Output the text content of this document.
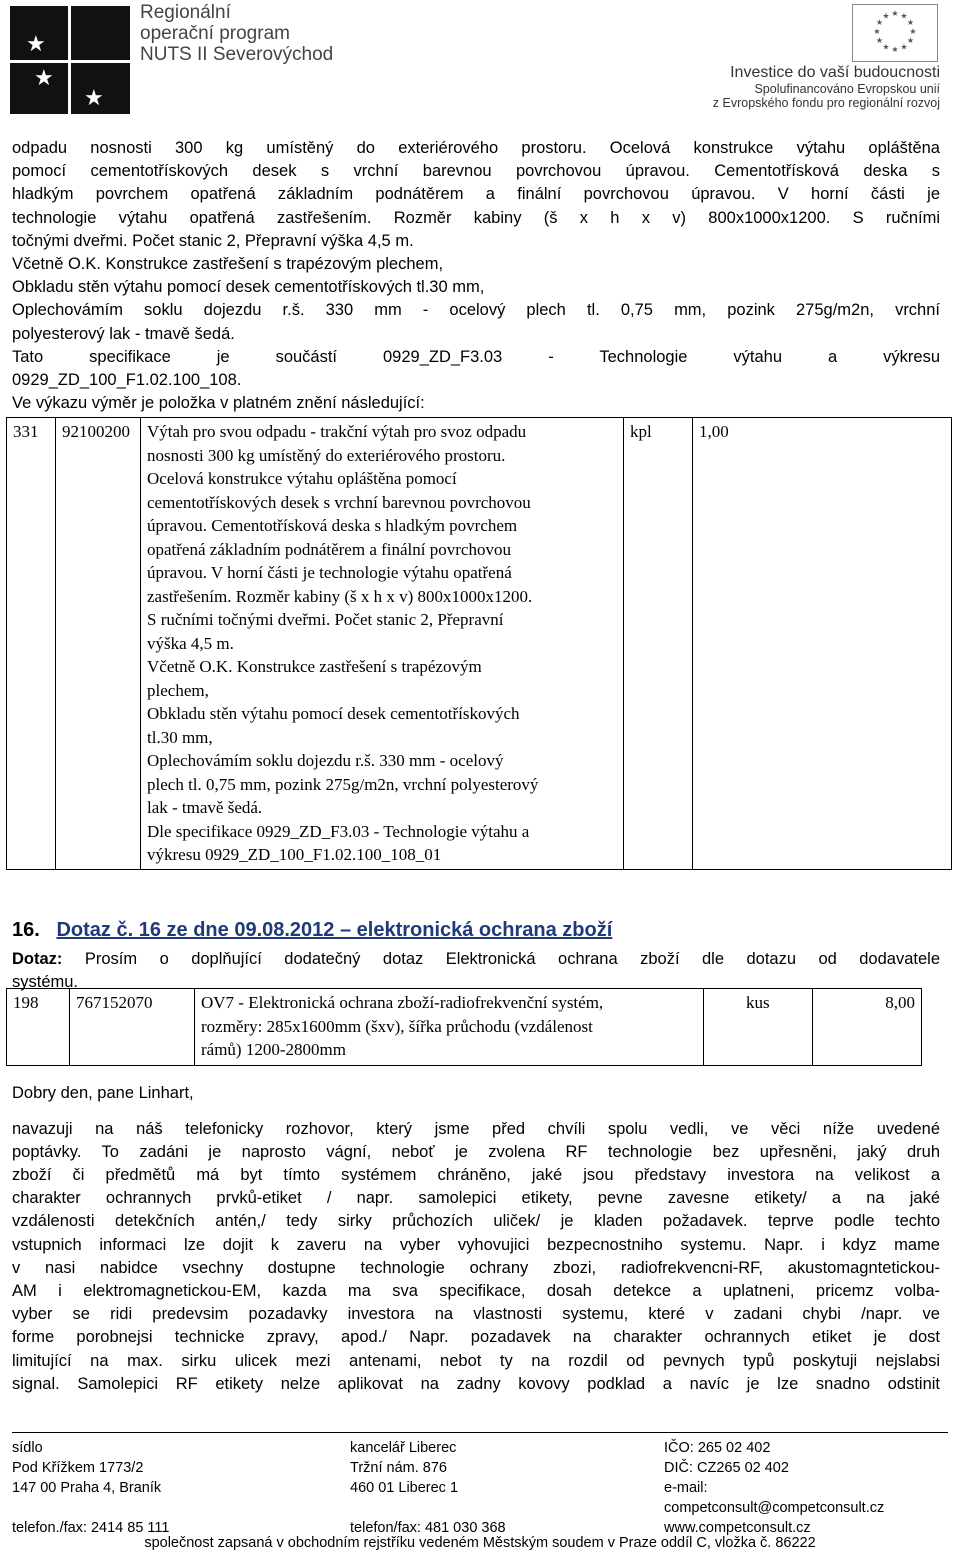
★
★
★
Regionální
operační program
NUTS II Severovýchod
★ ★
★
★
★
★
★
★
★
★
★
★
Investice do vaší budoucnosti
Spolufinancováno Evropskou unií
z Evropského fondu pro regionální rozvoj
odpadu nosnosti 300 kg umístěný do exteriérového prostoru. Ocelová konstrukce výtahu opláštěna
pomocí cementotřískových desek s vrchní barevnou povrchovou úpravou. Cementotřísková deska s
hladkým povrchem opatřená základním podnátěrem a finální povrchovou úpravou. V horní části je
technologie výtahu opatřená zastřešením. Rozměr kabiny (š x h x v) 800x1000x1200. S ručními
točnými dveřmi. Počet stanic 2, Přepravní výška 4,5 m.
Včetně O.K. Konstrukce zastřešení s trapézovým plechem,
Obkladu stěn výtahu pomocí desek cementotřískových tl.30 mm,
Oplechovámím soklu dojezdu r.š. 330 mm - ocelový plech tl. 0,75 mm, pozink 275g/m2n, vrchní
polyesterový lak - tmavě šedá.
Tato specifikace je součástí 0929_ZD_F3.03 - Technologie výtahu a výkresu
0929_ZD_100_F1.02.100_108.
Ve výkazu výměr je položka v platném znění následující:
331	92100200	Výtah pro svou odpadu - trakční výtah pro svoz odpadu
nosnosti 300 kg umístěný do exteriérového prostoru.
Ocelová konstrukce výtahu opláštěna pomocí
cementotřískových desek s vrchní barevnou povrchovou
úpravou. Cementotřísková deska s hladkým povrchem
opatřená základním podnátěrem a finální povrchovou
úpravou. V horní části je technologie výtahu opatřená
zastřešením. Rozměr kabiny (š x h x v) 800x1000x1200.
S ručními točnými dveřmi. Počet stanic 2, Přepravní
výška 4,5 m.
Včetně O.K. Konstrukce zastřešení s trapézovým
plechem,
Obkladu stěn výtahu pomocí desek cementotřískových
tl.30 mm,
Oplechovámím soklu dojezdu r.š. 330 mm - ocelový
plech tl. 0,75 mm, pozink 275g/m2n, vrchní polyesterový
lak - tmavě šedá.
Dle specifikace 0929_ZD_F3.03 - Technologie výtahu a
výkresu 0929_ZD_100_F1.02.100_108_01
	kpl	1,00
16. Dotaz č. 16 ze dne 09.08.2012 – elektronická ochrana zboží
Dotaz: Prosím o doplňující dodatečný dotaz Elektronická ochrana zboží dle dotazu od dodavatele
systému.
198	767152070	OV7 - Elektronická ochrana zboží-radiofrekvenční systém,
rozměry: 285x1600mm (šxv), šířka průchodu (vzdálenost
rámů) 1200-2800mm
	kus	8,00
Dobry den, pane Linhart,
navazuji na náš telefonicky rozhovor, který jsme před chvíli spolu vedli, ve věci níže uvedené
poptávky. To zadáni je naprosto vágní, neboť je zvolena RF technologie bez upřesněni, jaký druh
zboží či předmětů má byt tímto systémem chráněno, jaké jsou představy investora na velikost a
charakter ochrannych prvků-etiket / napr. samolepici etikety, pevne zavesne etikety/ a na jaké
vzdálenosti detekčních antén,/ tedy sirky průchozích uliček/ je kladen požadavek. teprve podle techto
vstupnich informaci lze dojit k zaveru na vyber vyhovujici bezpecnostniho systemu. Napr. i kdyz mame
v nasi nabidce vsechny dostupne technologie ochrany zbozi, radiofrekvencni-RF, akustomagntetickou-
AM i elektromagnetickou-EM, kazda ma sva specifikace, dosah detekce a uplatneni, pricemz volba-
vyber se ridi predevsim pozadavky investora na vlastnosti systemu, které v zadani chybi /napr. ve
forme porobnejsi technicke zpravy, apod./ Napr. pozadavek na charakter ochrannych etiket je dost
limitující na max. sirku ulicek mezi antenami, nebot ty na rozdil od pevnych typů poskytuji nejslabsi
signal. Samolepici RF etikety nelze aplikovat na zadny kovovy podklad a navíc je lze snadno odstinit
sídlo
Pod Křížkem 1773/2
147 00 Praha 4, Braník
telefon./fax: 2414 85 111
kancelář Liberec
Tržní nám. 876
460 01 Liberec 1
telefon/fax: 481 030 368
IČO: 265 02 402
DIČ: CZ265 02 402
e-mail:
competconsult@competconsult.cz
www.competconsult.cz
společnost zapsaná v obchodním rejstříku vedeném Městským soudem v Praze oddíl C, vložka č. 86222
